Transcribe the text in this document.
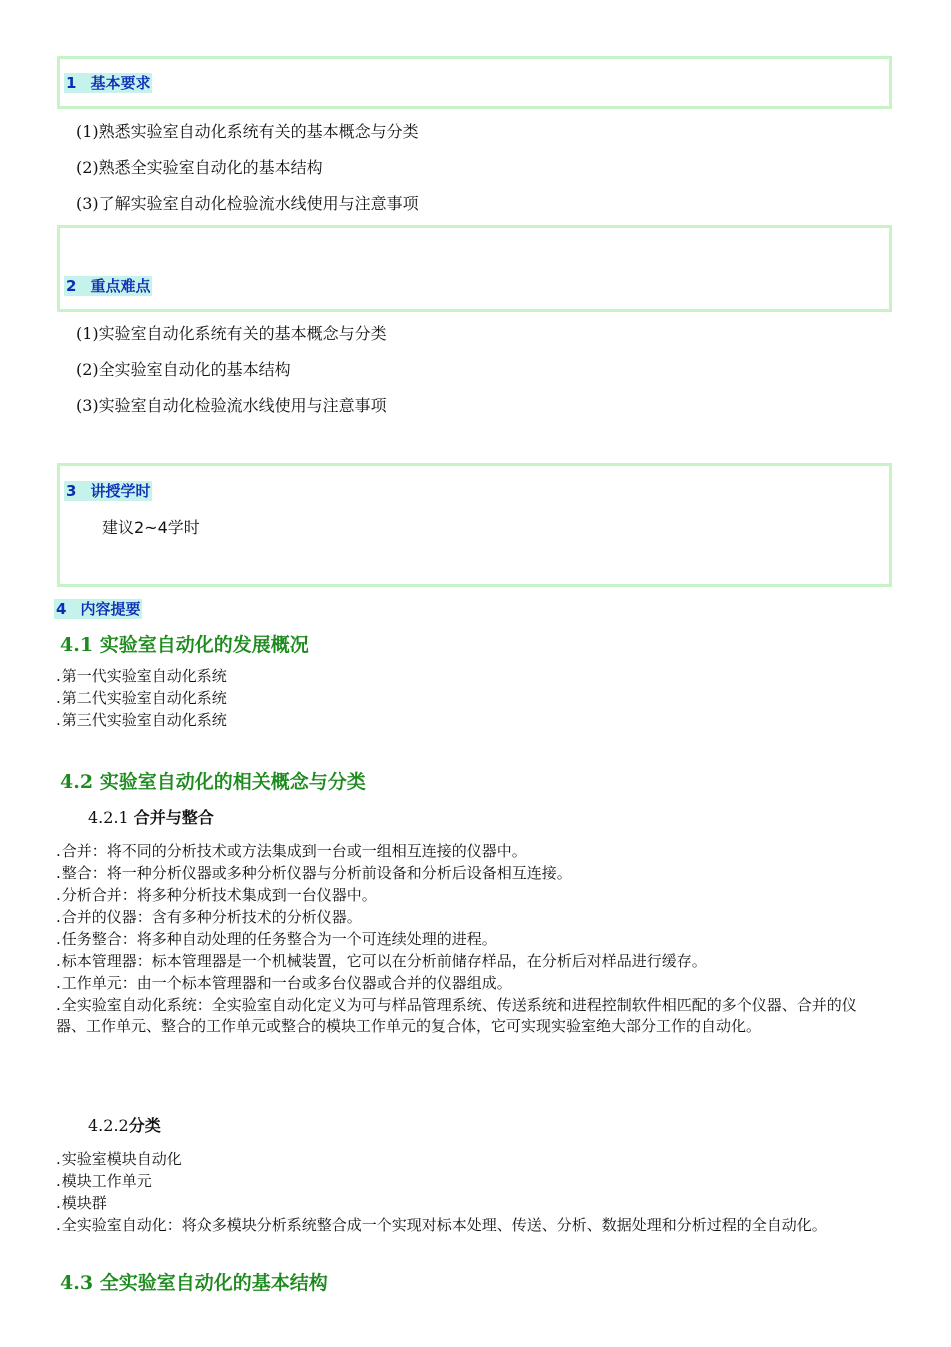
1 基本要求
(1)熟悉实验室自动化系统有关的基本概念与分类
(2)熟悉全实验室自动化的基本结构
(3)了解实验室自动化检验流水线使用与注意事项
2 重点难点
(1)实验室自动化系统有关的基本概念与分类
(2)全实验室自动化的基本结构
(3)实验室自动化检验流水线使用与注意事项
3 讲授学时
建议2~4学时
4 内容提要
4.1 实验室自动化的发展概况
.第一代实验室自动化系统
.第二代实验室自动化系统
.第三代实验室自动化系统
4.2 实验室自动化的相关概念与分类
4.2.1 合并与整合
.合并：将不同的分析技术或方法集成到一台或一组相互连接的仪器中。
.整合：将一种分析仪器或多种分析仪器与分析前设备和分析后设备相互连接。
.分析合并：将多种分析技术集成到一台仪器中。
.合并的仪器：含有多种分析技术的分析仪器。
.任务整合：将多种自动处理的任务整合为一个可连续处理的进程。
.标本管理器：标本管理器是一个机械装置，它可以在分析前储存样品，在分析后对样品进行缓存。
.工作单元：由一个标本管理器和一台或多台仪器或合并的仪器组成。
.全实验室自动化系统：全实验室自动化定义为可与样品管理系统、传送系统和进程控制软件相匹配的多个仪器、合并的仪器、工作单元、整合的工作单元或整合的模块工作单元的复合体，它可实现实验室绝大部分工作的自动化。
4.2.2分类
.实验室模块自动化
.模块工作单元
.模块群
.全实验室自动化：将众多模块分析系统整合成一个实现对标本处理、传送、分析、数据处理和分析过程的全自动化。
4.3 全实验室自动化的基本结构
